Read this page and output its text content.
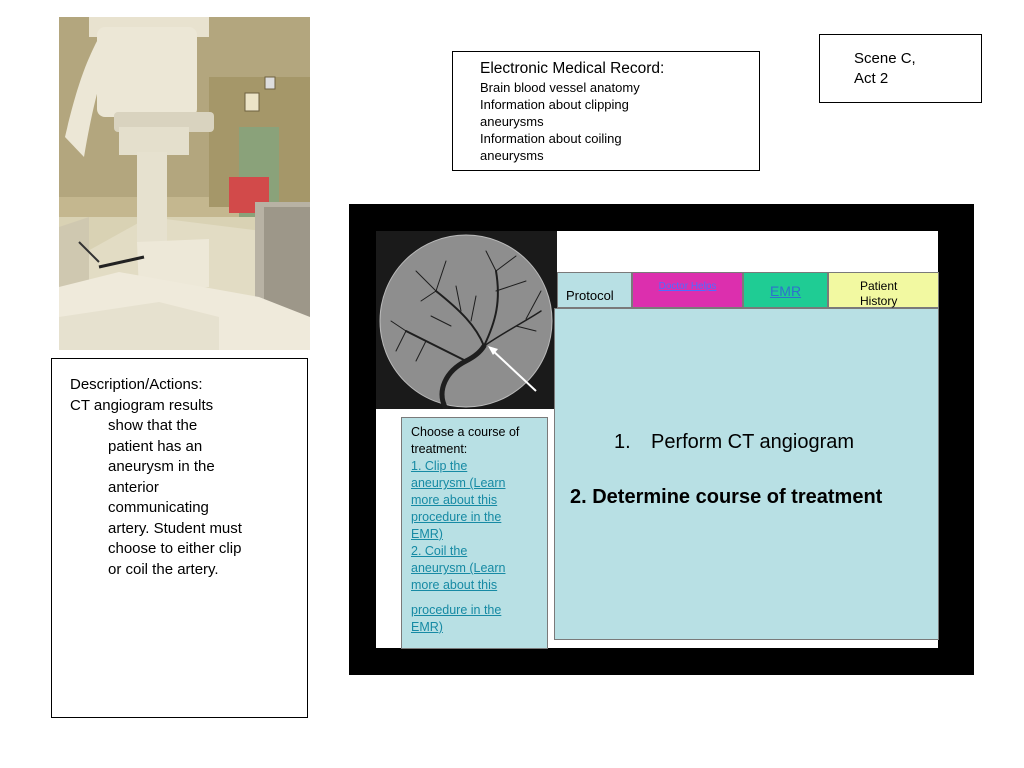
Description/Actions:

CT angiogram results

show that the

patient has an

aneurysm in the

anterior

communicating

artery. Student must

choose to either clip

or coil the artery.

Electronic Medical Record:
Brain blood vessel anatomy
Information about clipping
aneurysms
Information about coiling
aneurysms
Scene C,
Act 2
Protocol
Doctor Helps	EMR	Patient
History
1. Perform CT angiogram
2. Determine course of treatment
Choose a course of
treatment:
1. Clip the
aneurysm (Learn
more about this
procedure in the
EMR)
2. Coil the
aneurysm (Learn
more about this
procedure in the
EMR)
